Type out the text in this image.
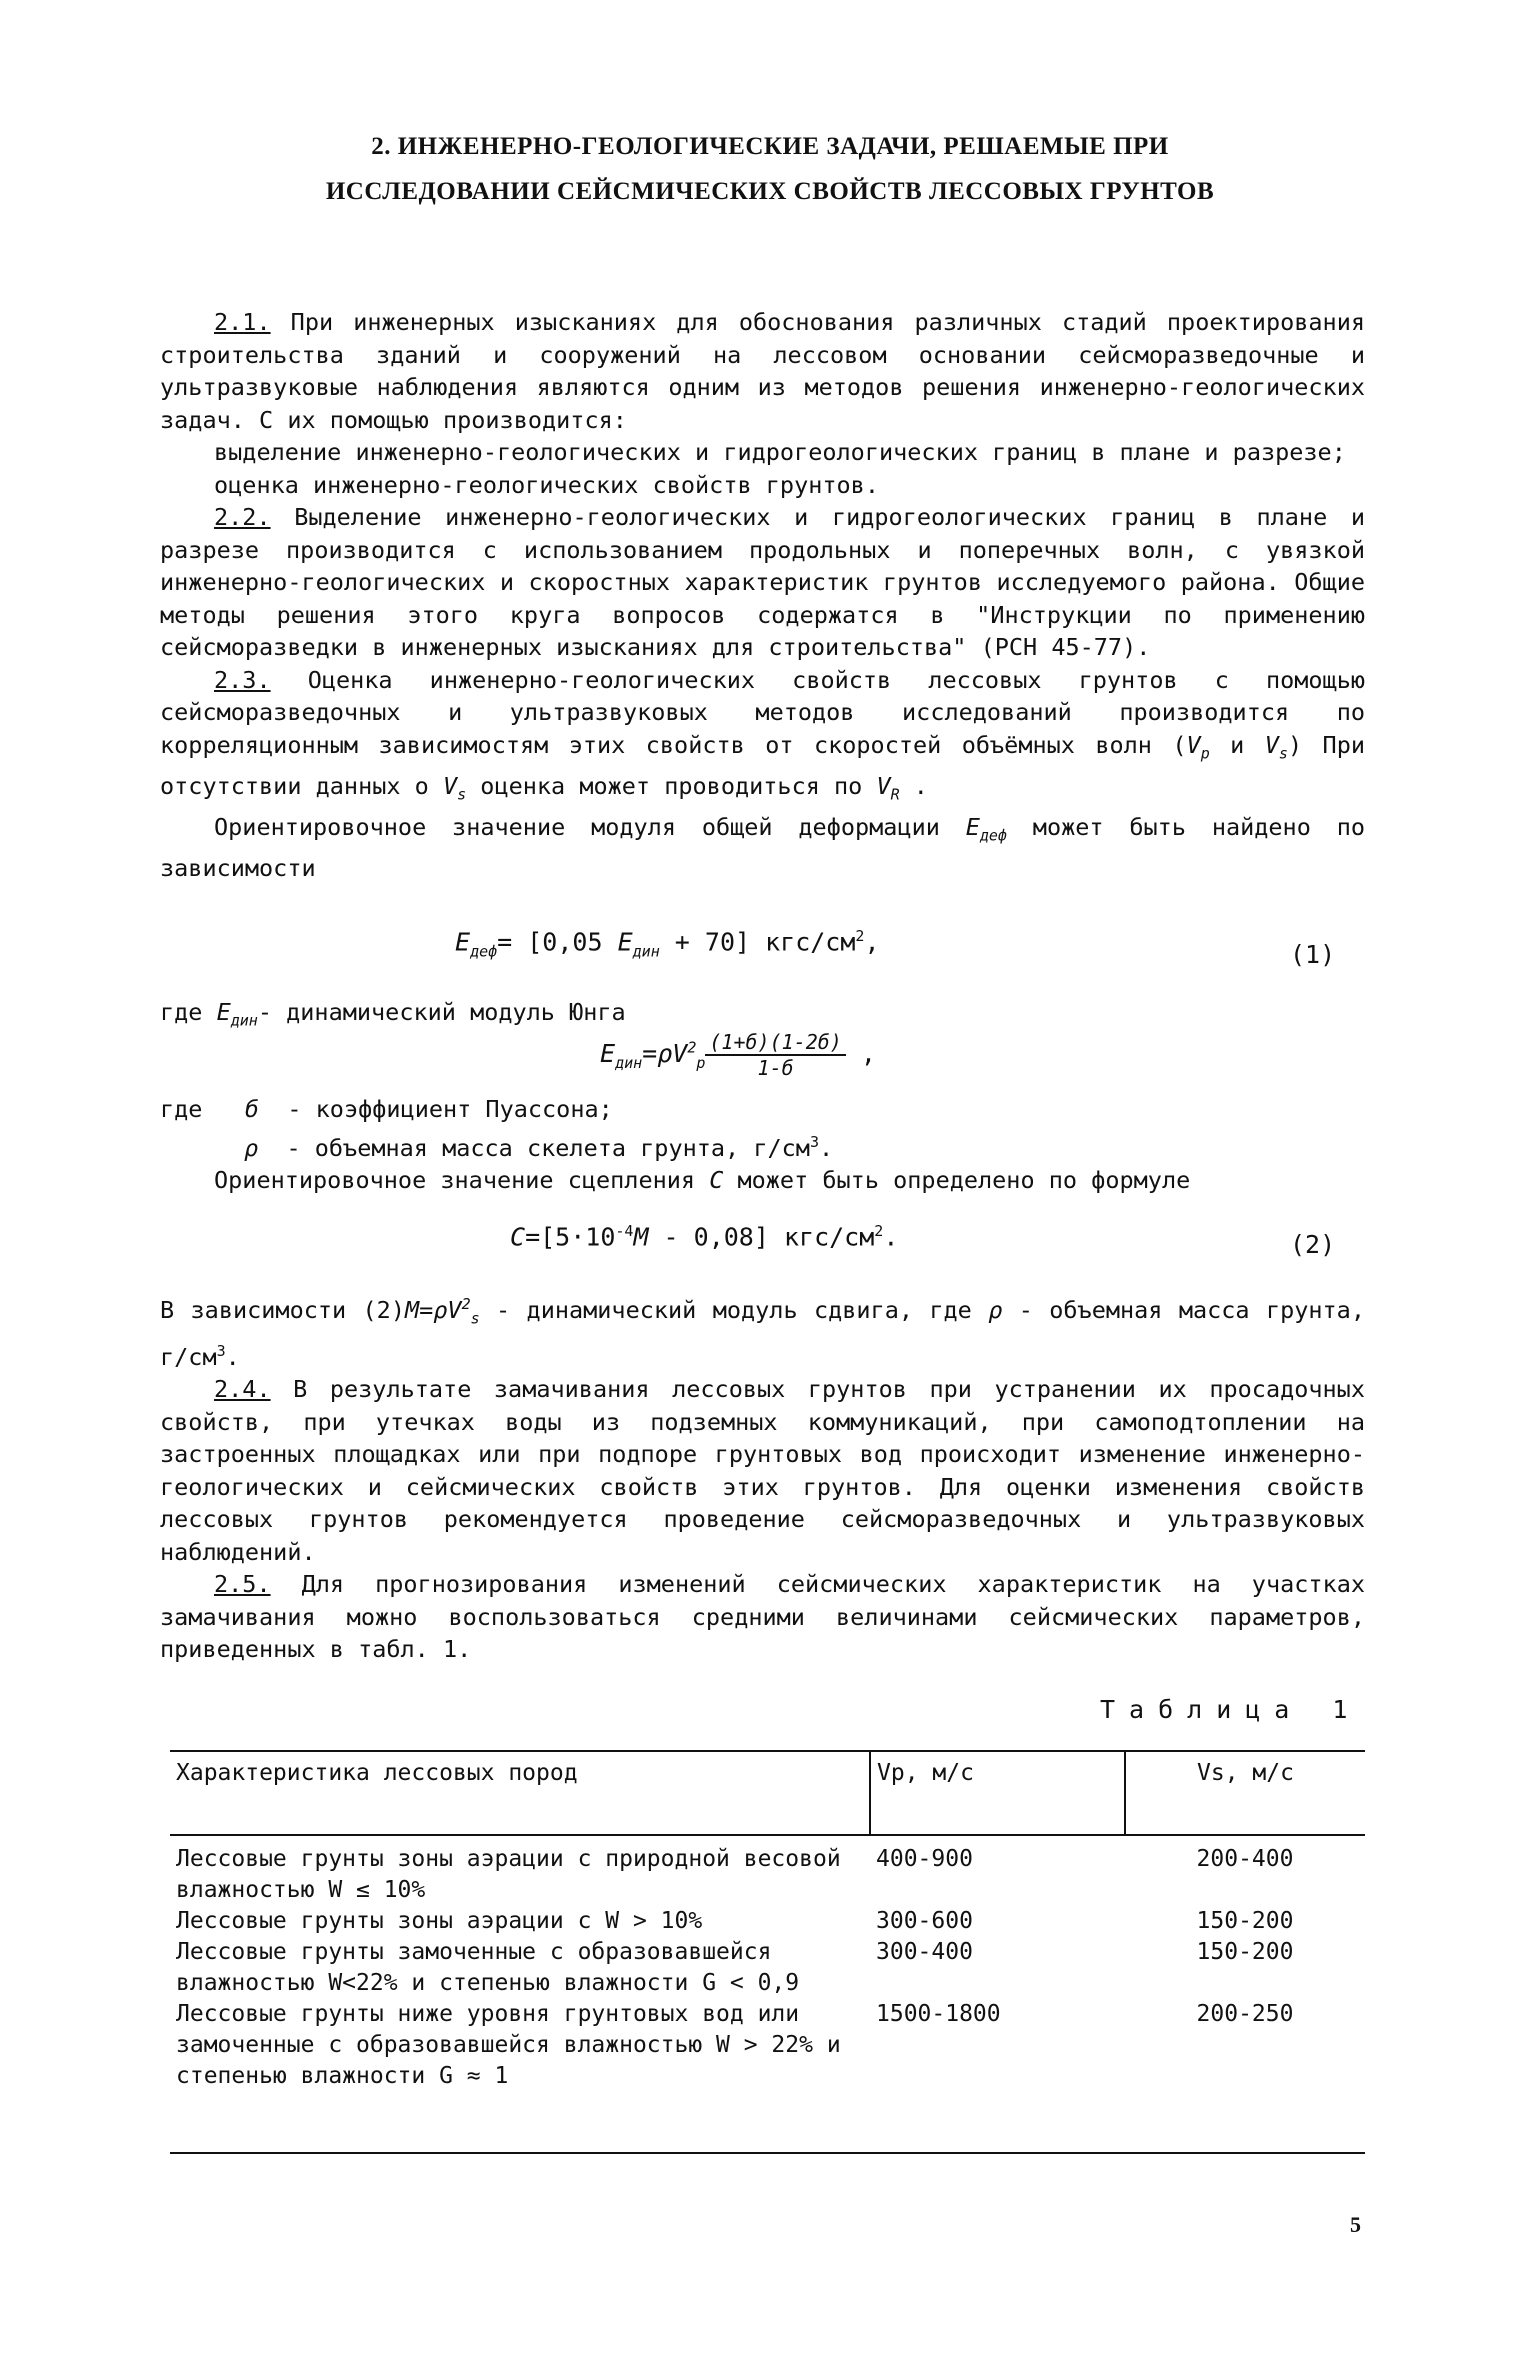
2. ИНЖЕНЕРНО-ГЕОЛОГИЧЕСКИЕ ЗАДАЧИ, РЕШАЕМЫЕ ПРИ
ИССЛЕДОВАНИИ СЕЙСМИЧЕСКИХ СВОЙСТВ ЛЕССОВЫХ ГРУНТОВ

2.1. При инженерных изысканиях для обоснования различных стадий проектирования строительства зданий и сооружений на лессовом основании сейсморазведочные и ультразвуковые наблюдения являются одним из методов решения инженерно-геологических задач. С их помощью производится:

выделение инженерно-геологических и гидрогеологических границ в плане и разрезе;

оценка инженерно-геологических свойств грунтов.

2.2. Выделение инженерно-геологических и гидрогеологических границ в плане и разрезе производится с использованием продольных и поперечных волн, с увязкой инженерно-геологических и скоростных характеристик грунтов исследуемого района. Общие методы решения этого круга вопросов содержатся в "Инструкции по применению сейсморазведки в инженерных изысканиях для строительства" (РСН 45-77).

2.3. Оценка инженерно-геологических свойств лессовых грунтов с помощью сейсморазведочных и ультразвуковых методов исследований производится по корреляционным зависимостям этих свойств от скоростей объёмных волн ($V_p$ и $V_s$) При отсутствии данных о $V_s$ оценка может проводиться по $V_R$ .

Ориентировочное значение модуля общей деформации $E_{деф}$ может быть найдено по зависимости

$E_{деф}= [0,05$ $E_{дин} + 70$] кгс/$см^2$,	(1)

где $E_{дин}-$ динамический модуль Юнга

$E_{дин}=\rho V^2_p \frac{(1+б)(1-2б)}{1-б}$ ,

где б - коэффициент Пуассона;

ρ - объемная масса скелета грунта, $г/см^3$.

Ориентировочное значение сцепления C может быть определено по формуле

$C=[5\cdot 10^{-4}M - 0,08]$ кгс/$см^2$.	(2)

В зависимости $(2)M=\rho V^2_s$ - динамический модуль сдвига, где ρ - объемная масса грунта, $г/см^3$.

2.4. В результате замачивания лессовых грунтов при устранении их просадочных свойств, при утечках воды из подземных коммуникаций, при самоподтоплении на застроенных площадках или при подпоре грунтовых вод происходит изменение инженерно-геологических и сейсмических свойств этих грунтов. Для оценки изменения свойств лессовых грунтов рекомендуется проведение сейсморазведочных и ультразвуковых наблюдений.

2.5. Для прогнозирования изменений сейсмических характеристик на участках замачивания можно воспользоваться средними величинами сейсмических параметров, приведенных в табл. 1.

Таблица 1
Характеристика лессовых пород	Vp, м/с	Vs, м/с
Лессовые грунты зоны аэрации с природной весовой влажностью W ≤ 10%	400-900	200-400
Лессовые грунты зоны аэрации с W > 10%	300-600	150-200
Лессовые грунты замоченные с образовавшейся влажностью W<22% и степенью влажности G < 0,9	300-400	150-200
Лессовые грунты ниже уровня грунтовых вод или замоченные с образовавшейся влажностью W > 22% и степенью влажности G ≈ 1	1500-1800	200-250
5
